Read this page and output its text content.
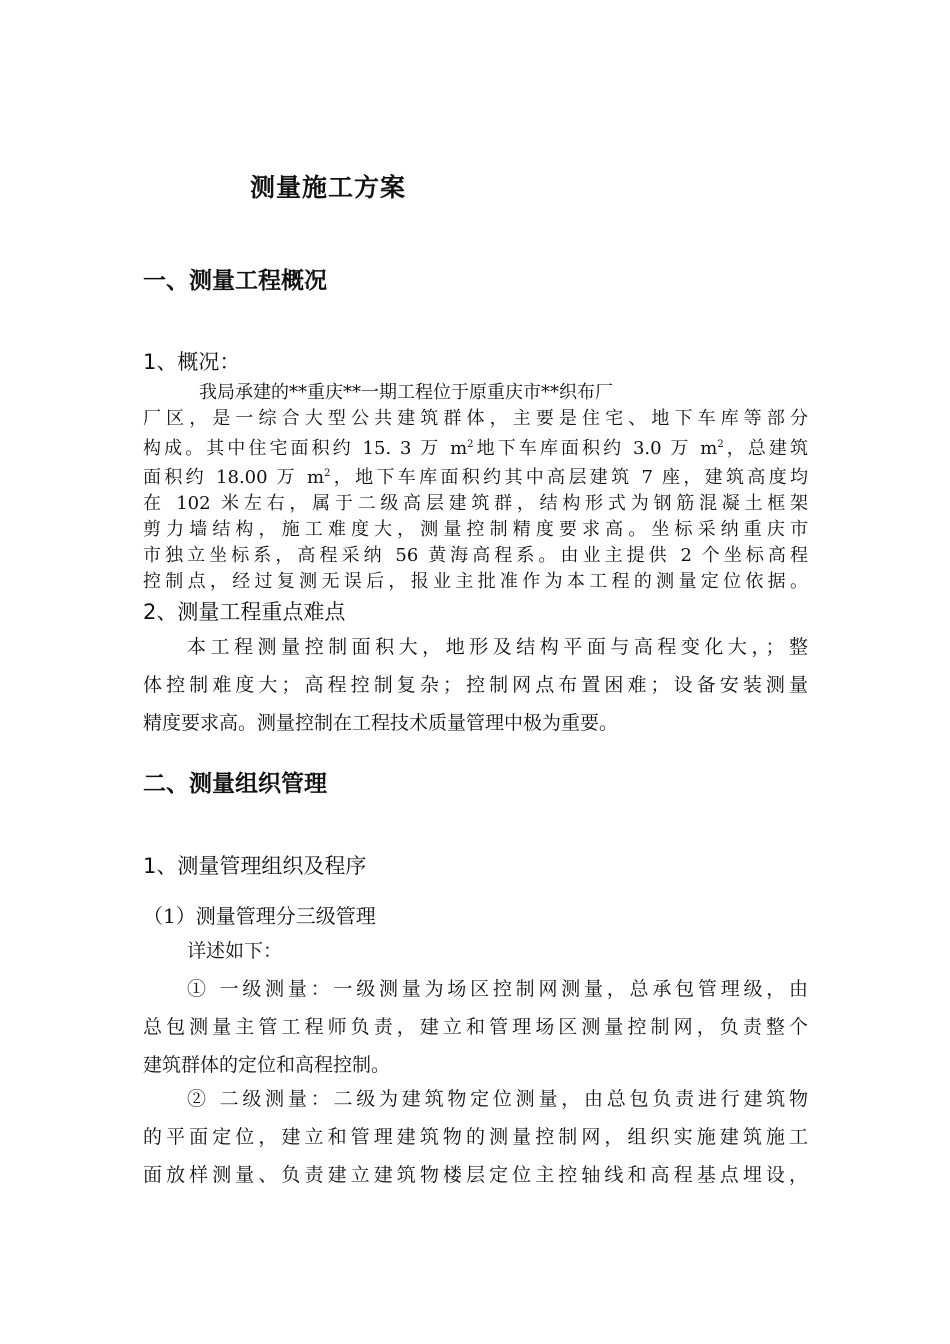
测量施工方案
一、测量工程概况
1、概况：
我局承建的**重庆**一期工程位于原重庆市**织布厂
厂区，是一综合大型公共建筑群体，主要是住宅、地下车库等部分
构成。其中住宅面积约 15. 3 万 $m^2$地下车库面积约 3.0 万 $m^2$，总建筑
面积约 18.00 万 $m^2$，地下车库面积约其中高层建筑 7 座，建筑高度均
在 102 米左右，属于二级高层建筑群，结构形式为钢筋混凝土框架
剪力墙结构，施工难度大，测量控制精度要求高。坐标采纳重庆市
市独立坐标系，高程采纳 56 黄海高程系。由业主提供 2 个坐标高程
控制点，经过复测无误后，报业主批准作为本工程的测量定位依据。
2、测量工程重点难点
本工程测量控制面积大，地形及结构平面与高程变化大，；整
体控制难度大；高程控制复杂；控制网点布置困难；设备安装测量
精度要求高。测量控制在工程技术质量管理中极为重要。
二、测量组织管理
1、测量管理组织及程序
（1）测量管理分三级管理
详述如下：
① 一级测量：一级测量为场区控制网测量，总承包管理级，由
总包测量主管工程师负责，建立和管理场区测量控制网，负责整个
建筑群体的定位和高程控制。
② 二级测量：二级为建筑物定位测量，由总包负责进行建筑物
的平面定位，建立和管理建筑物的测量控制网，组织实施建筑施工
面放样测量、负责建立建筑物楼层定位主控轴线和高程基点埋设，
